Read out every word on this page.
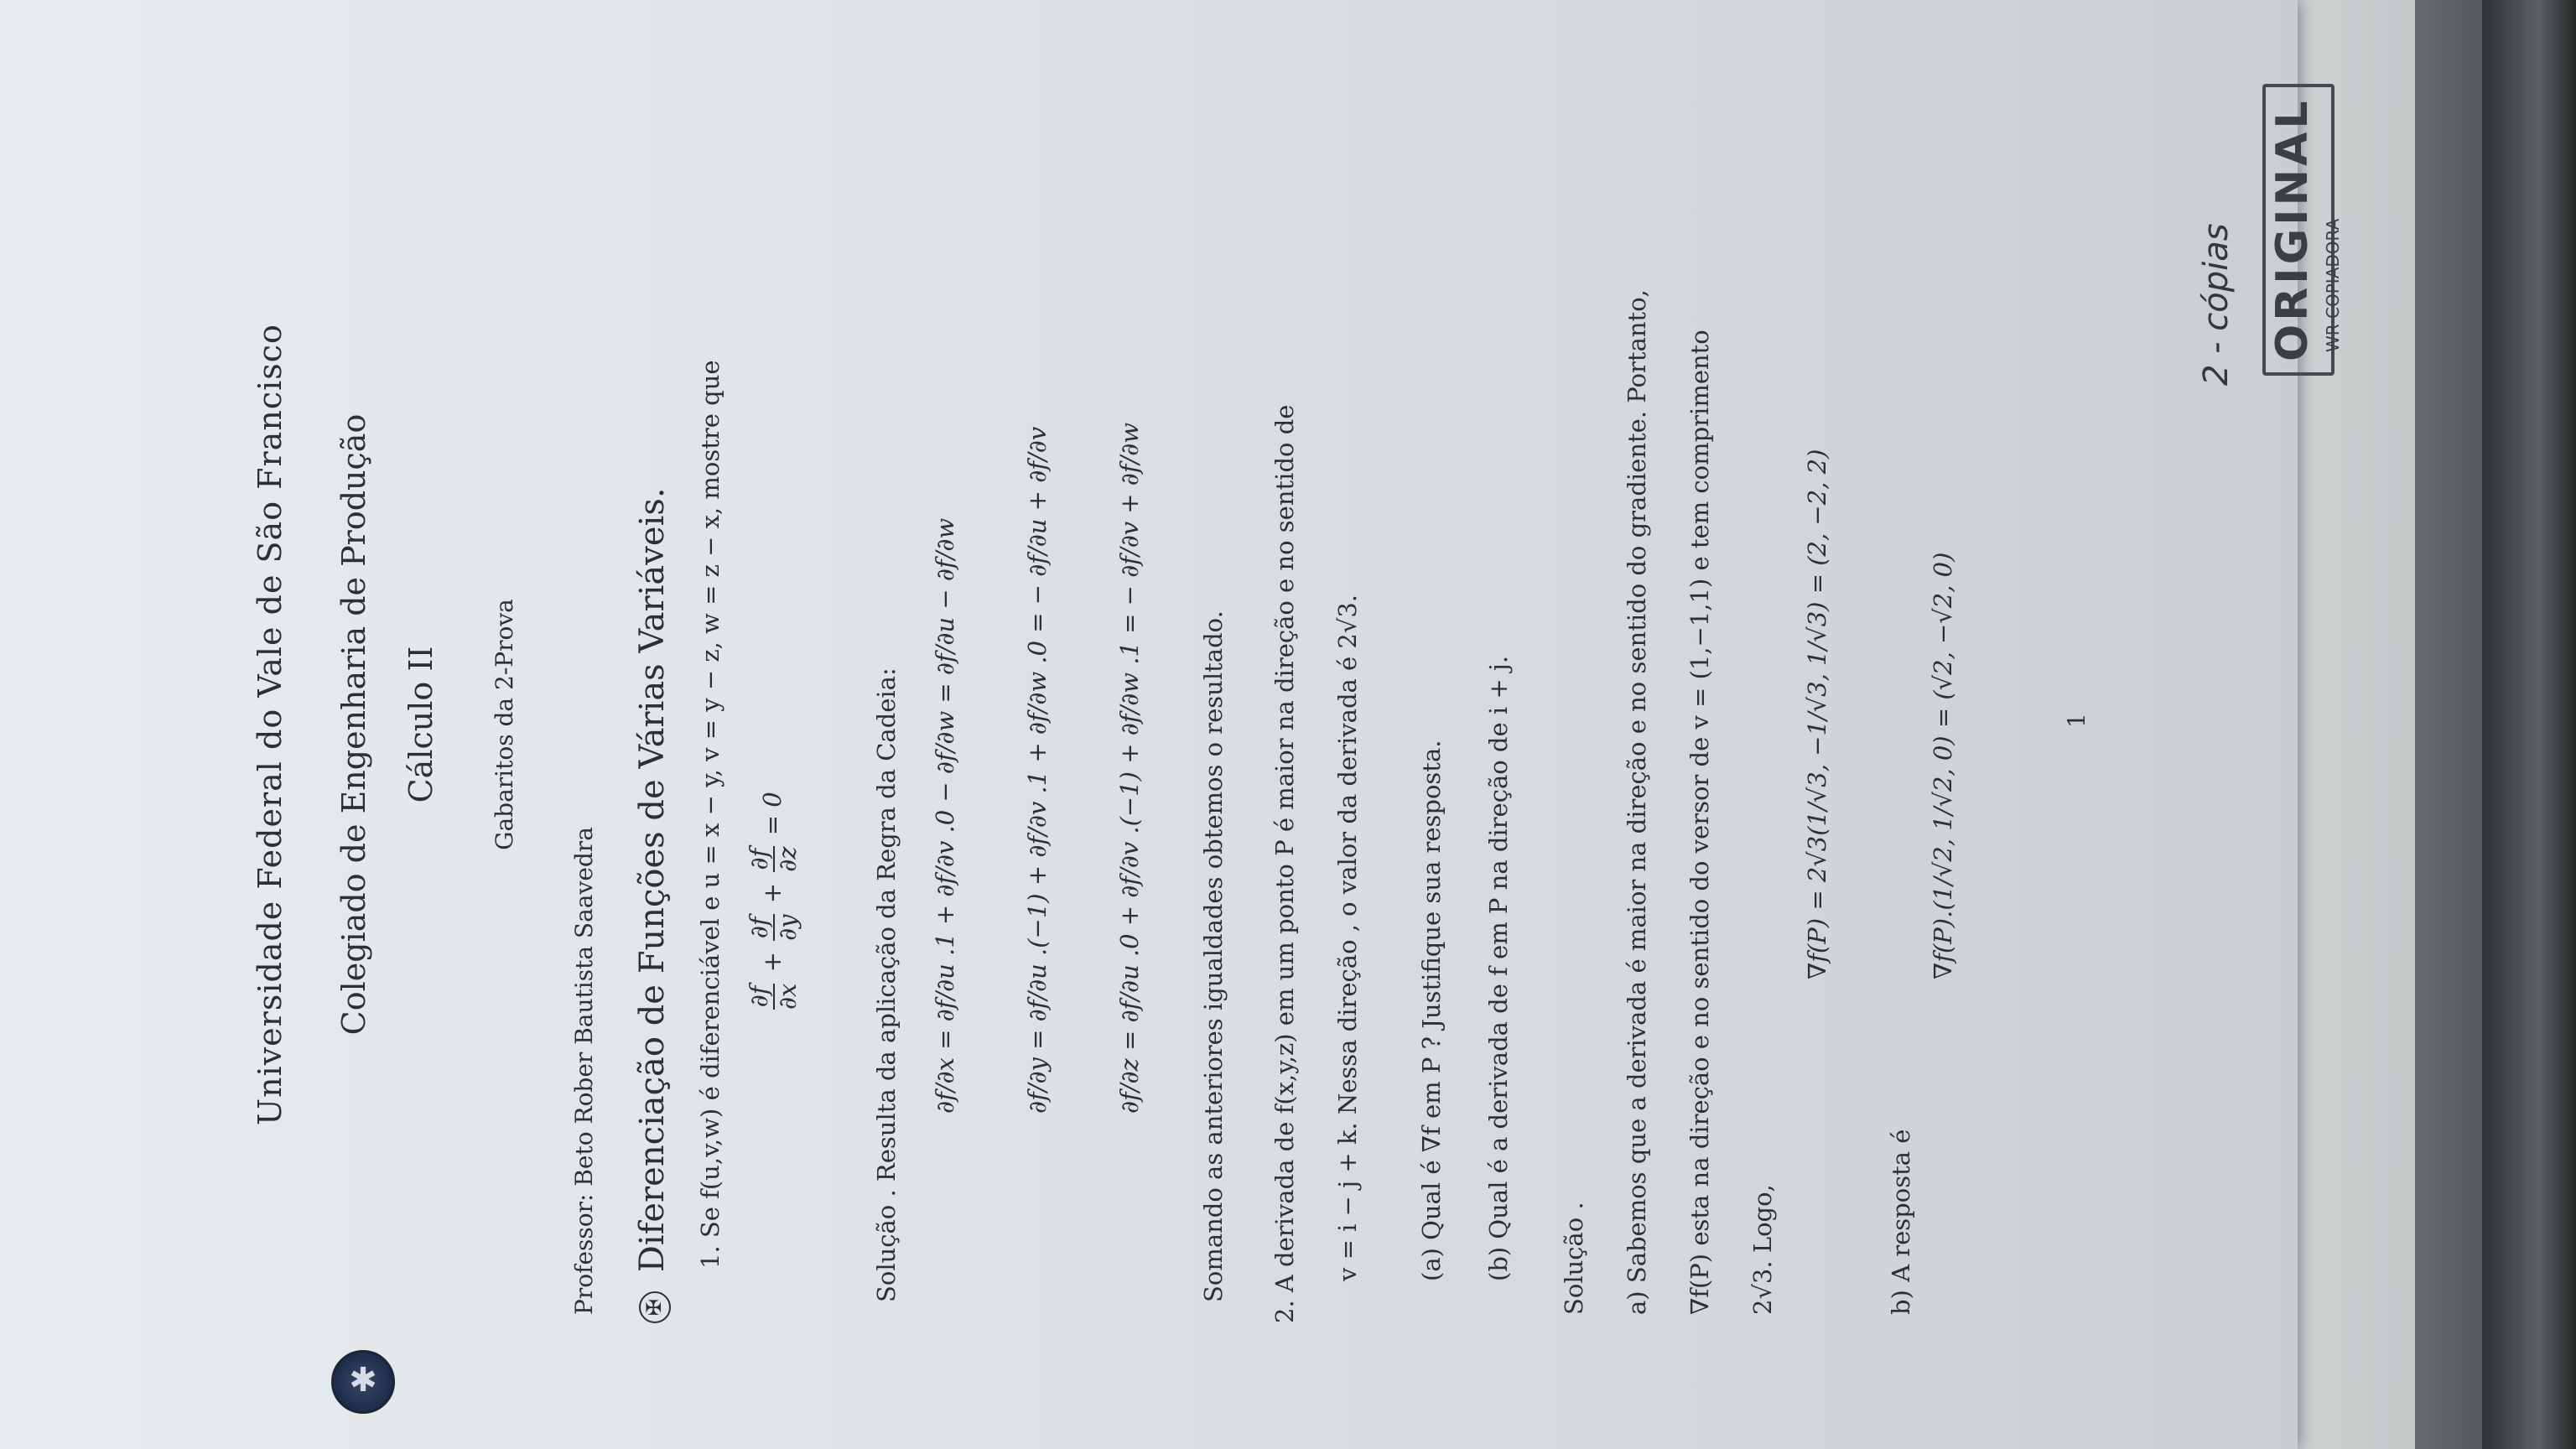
Universidade Federal do Vale de São Francisco Colegiado de Engenharia de Produção Cálculo II Gabaritos da 2-Prova
Professor: Beto Rober Bautista Saavedra	✠ Diferenciação de Funções de Várias Variáveis. 1. Se f(u,v,w) é diferenciável e u = x − y, v = y − z, w = z − x, mostre que ∂f ∂x
+
∂f ∂y
+
∂f ∂z
= 0	Solução . Resulta da aplicação da Regra da Cadeia: ∂f/∂x = ∂f/∂u .1 + ∂f/∂v .0 − ∂f/∂w = ∂f/∂u − ∂f/∂w	∂f/∂y = ∂f/∂u .(−1) + ∂f/∂v .1 + ∂f/∂w .0 = − ∂f/∂u + ∂f/∂v	∂f/∂z = ∂f/∂u .0 + ∂f/∂v .(−1) + ∂f/∂w .1 = − ∂f/∂v + ∂f/∂w Somando as anteriores igualdades obtemos o resultado. 2. A derivada de f(x,y,z) em um ponto P é maior na direção e no sentido de v = i − j + k. Nessa direção , o valor da derivada é 2√3. (a) Qual é ∇f em P ? Justifique sua resposta. (b) Qual é a derivada de f em P na direção de i + j. Solução . a) Sabemos que a derivada é maior na direção e no sentido do gradiente. Portanto, ∇f(P) esta na direção e no sentido do versor de v = (1,−1,1) e tem comprimento 2√3. Logo,
∇f(P) = 2√3(1/√3, −1/√3, 1/√3) = (2, −2, 2)
b) A resposta é
∇f(P).(1/√2, 1/√2, 0) = (√2, −√2, 0)	1
✱
2 - cópias ORIGINAL WR COPIADORA
